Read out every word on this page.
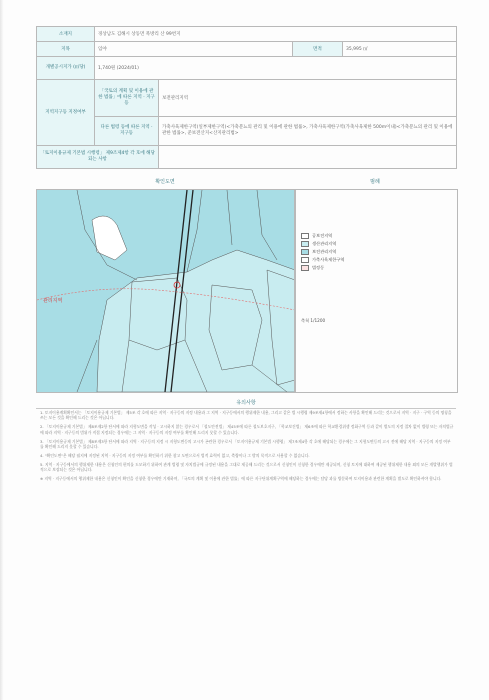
소재지	경상남도 김해시 상동면 묵방리 산 99번지			
지목	임야		면적	35,995 ㎡
개별공시지가 (㎡당)	1,740원 (2024/01)			
지역지구등 지정여부	「국토의 계획 및 이용에 관한 법률」에 따른 지역 · 지구등	보전관리지역		
	다른 법령 등에 따른 지역 · 지구등	가축사육제한구역(일부제한구역)<가축분뇨의 관리 및 이용에 관한 법률>, 가축사육제한구역(가축사육제한 500m이내)<가축분뇨의 관리 및 이용에 관한 법률>, 준보전산지<산지관리법>		
「토지이용규제 기본법 시행령」 제9조제4항 각 호에 해당되는 사항				
확인도면	범례
관리지역
공보전지역
생산관리지역
보전관리지역
가축사육제한구역
법정동
축척 1/1200
유의사항

1. 토지이용계획확인서는 「토지이용규제 기본법」 제5조 각 호에 따른 지역 · 지구등의 지정 내용과 그 지역 · 지구등에서의 행위제한 내용, 그리고 같은 법 시행령 제9조제4항에서 정하는 사항을 확인해 드리는 것으로서 지역 · 지구 · 구역 등의 명칭을 쓰는 모든 것을 확인해 드리는 것은 아닙니다.

2. 「토지이용규제 기본법」 제8조제2항 단서에 따라 지형도면을 작성 · 고시하지 않는 경우로서 「철도안전법」 제45조에 따른 철도보호지구, 「학교보건법」 제6조에 따른 학교환경위생 정화구역 등과 같이 별도의 지정 절차 없이 법령 또는 자치법규에 따라 지역 · 지구등의 범위가 직접 지정되는 경우에는 그 지역 · 지구등의 지정 여부를 확인해 드리지 못할 수 있습니다.

3. 「토지이용규제 기본법」 제8조제3항 단서에 따라 지역 · 지구등의 지정 시 지형도면등의 고시가 곤란한 경우로서 「토지이용규제 기본법 시행령」 제7조제4항 각 호에 해당되는 경우에는 그 지형도면등의 고시 전에 해당 지역 · 지구등의 지정 여부를 확인해 드리지 못할 수 있습니다.

4. "확인도면"은 해당 필지에 지정된 지역 · 지구등의 지정 여부를 확인하기 위한 참고 도면으로서 법적 효력이 없고, 측량이나 그 밖의 목적으로 사용할 수 없습니다.

5. 지역 · 지구등에서의 행위제한 내용은 신청인의 편의를 도모하기 위하여 관계 법령 및 자치법규에 규정된 내용을 그대로 제공해 드리는 것으로서 신청인이 신청한 경우에만 제공되며, 신청 토지에 대하여 제공된 행위제한 내용 외의 모든 개발행위가 법적으로 보장되는 것은 아닙니다.

※ 지역 · 지구등에서의 행위제한 내용은 신청인이 확인을 신청한 경우에만 기재하며, 「국토의 계획 및 이용에 관한 법률」에 따른 지구단위계획구역에 해당하는 경우에는 담당 과를 방문하여 토지이용과 관련한 계획을 별도로 확인하셔야 합니다.
